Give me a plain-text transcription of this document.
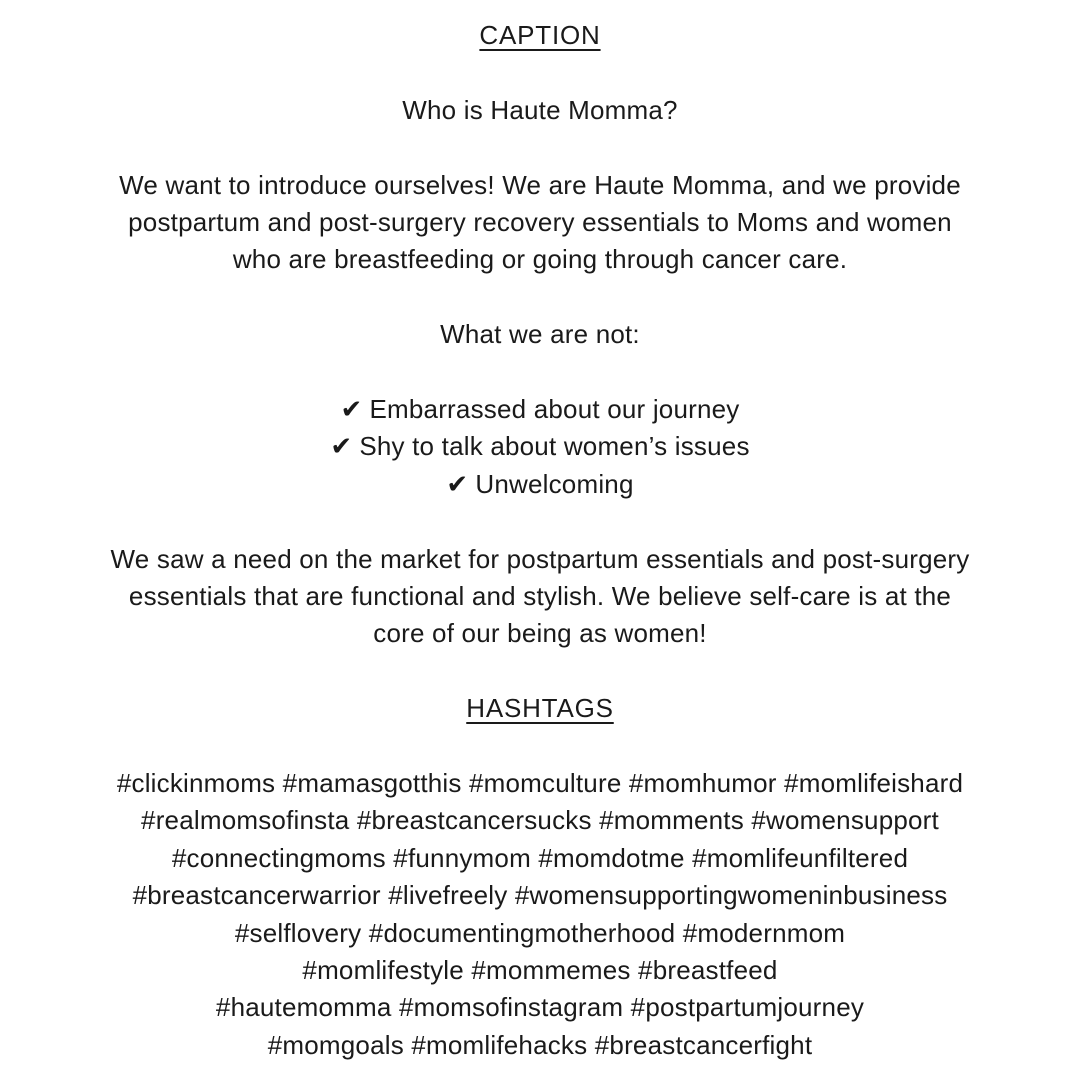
CAPTION

Who is Haute Momma?

We want to introduce ourselves! We are Haute Momma, and we provide

postpartum and post-surgery recovery essentials to Moms and women

who are breastfeeding or going through cancer care.

What we are not:

✔ Embarrassed about our journey

✔ Shy to talk about women’s issues

✔ Unwelcoming

We saw a need on the market for postpartum essentials and post-surgery

essentials that are functional and stylish. We believe self-care is at the

core of our being as women!

HASHTAGS

#clickinmoms #mamasgotthis #momculture #momhumor #momlifeishard

#realmomsofinsta #breastcancersucks #momments #womensupport

#connectingmoms #funnymom #momdotme #momlifeunfiltered

#breastcancerwarrior #livefreely #womensupportingwomeninbusiness

#selflovery #documentingmotherhood #modernmom

#momlifestyle #mommemes #breastfeed

#hautemomma #momsofinstagram #postpartumjourney

#momgoals #momlifehacks #breastcancerfight
